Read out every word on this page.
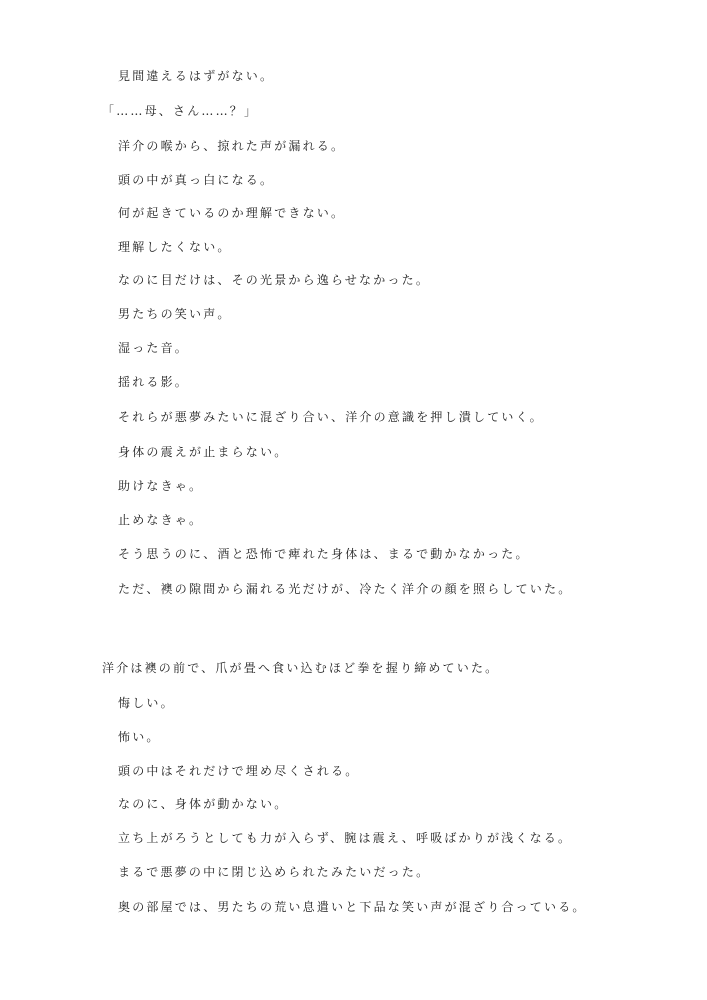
見間違えるはずがない。
「……母、さん……？」
洋介の喉から、掠れた声が漏れる。
頭の中が真っ白になる。
何が起きているのか理解できない。
理解したくない。
なのに目だけは、その光景から逸らせなかった。
男たちの笑い声。
湿った音。
揺れる影。
それらが悪夢みたいに混ざり合い、洋介の意識を押し潰していく。
身体の震えが止まらない。
助けなきゃ。
止めなきゃ。
そう思うのに、酒と恐怖で痺れた身体は、まるで動かなかった。
ただ、襖の隙間から漏れる光だけが、冷たく洋介の顔を照らしていた。
洋介は襖の前で、爪が畳へ食い込むほど拳を握り締めていた。
悔しい。
怖い。
頭の中はそれだけで埋め尽くされる。
なのに、身体が動かない。
立ち上がろうとしても力が入らず、腕は震え、呼吸ばかりが浅くなる。
まるで悪夢の中に閉じ込められたみたいだった。
奥の部屋では、男たちの荒い息遣いと下品な笑い声が混ざり合っている。
